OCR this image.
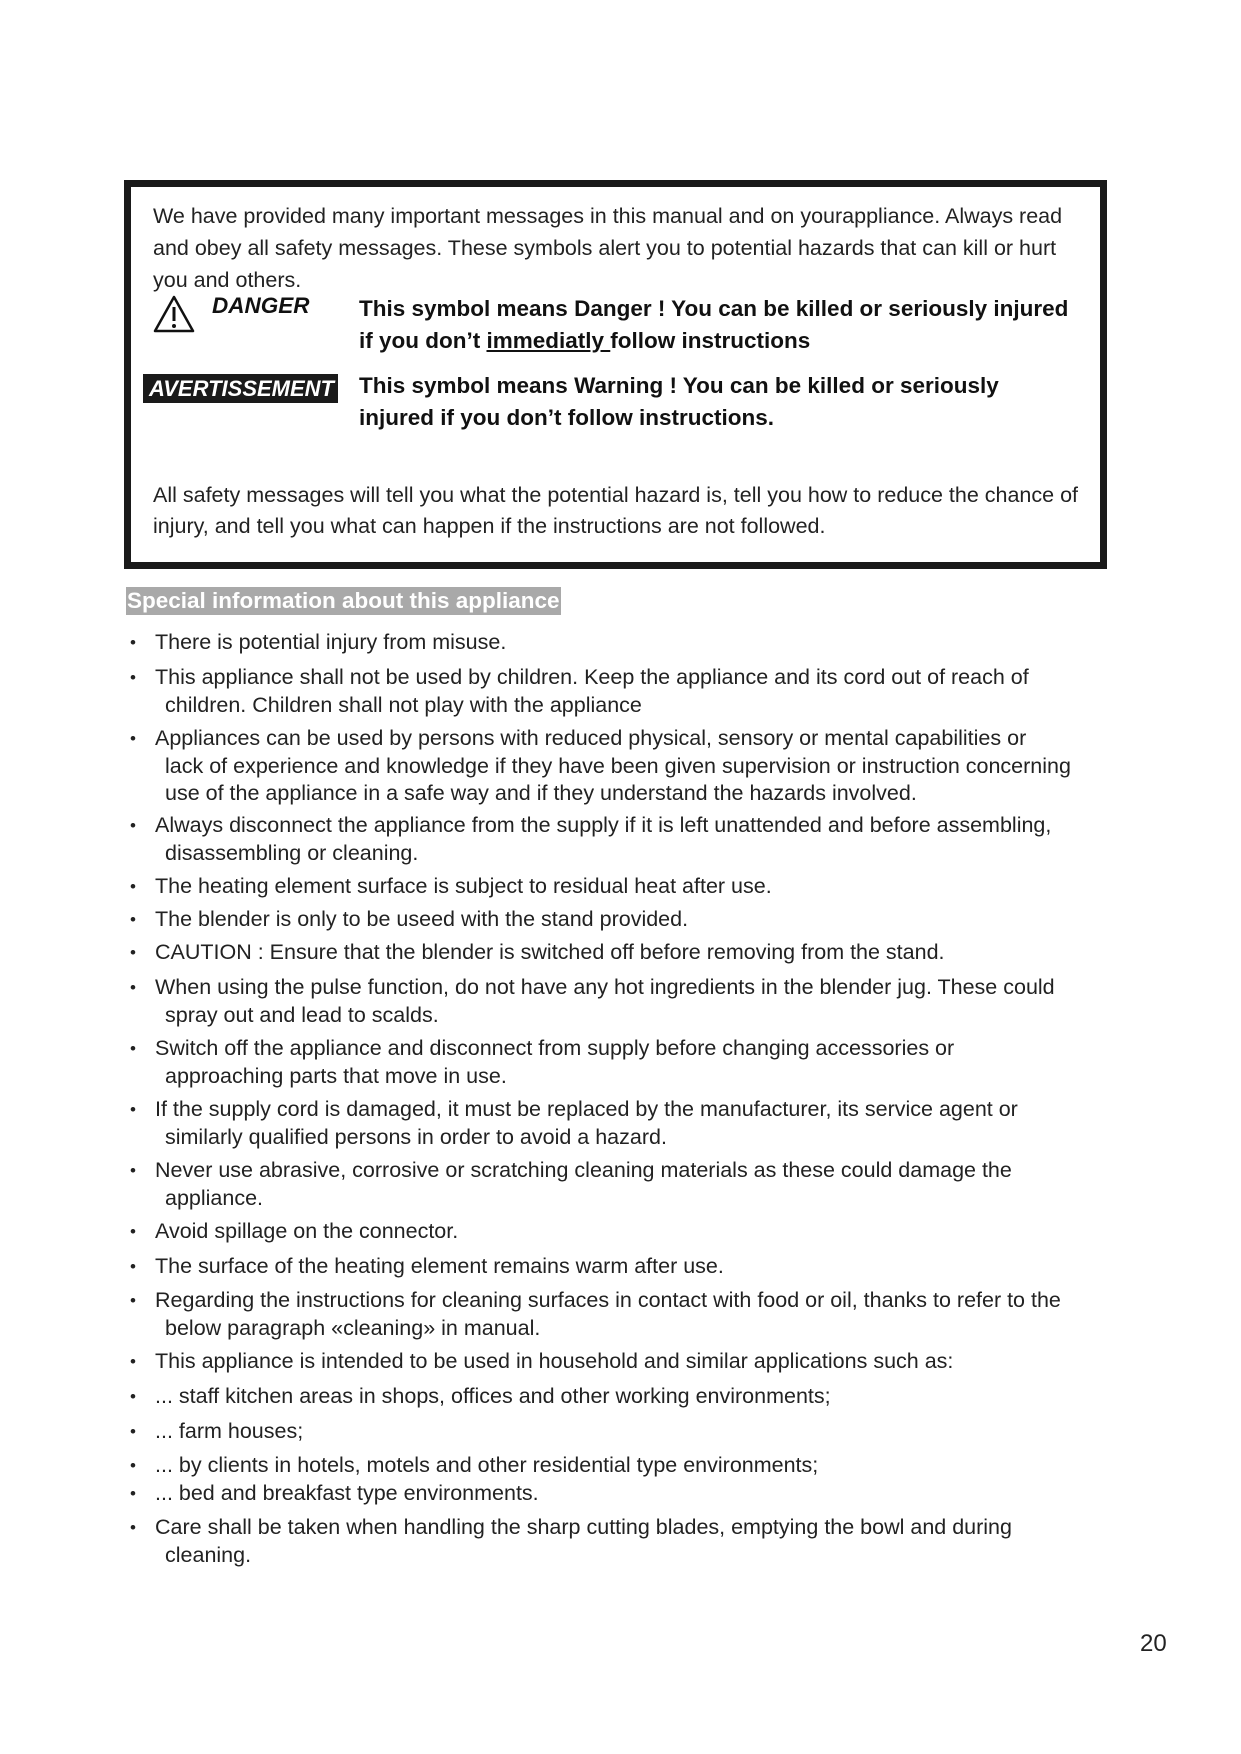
We have provided many important messages in this manual and on yourappliance. Always read and obey all safety messages. These symbols alert you to potential hazards that can kill or hurt you and others.
DANGER This symbol means Danger ! You can be killed or seriously injured if you don’t immediatly follow instructions
AVERTISSEMENT This symbol means Warning ! You can be killed or seriously injured if you don’t follow instructions.
All safety messages will tell you what the potential hazard is, tell you how to reduce the chance of injury, and tell you what can happen if the instructions are not followed.
Special information about this appliance
• There is potential injury from misuse.
• This appliance shall not be used by children. Keep the appliance and its cord out of reach of
children. Children shall not play with the appliance
• Appliances can be used by persons with reduced physical, sensory or mental capabilities or
lack of experience and knowledge if they have been given supervision or instruction concerning
use of the appliance in a safe way and if they understand the hazards involved.
• Always disconnect the appliance from the supply if it is left unattended and before assembling,
disassembling or cleaning.
• The heating element surface is subject to residual heat after use.
• The blender is only to be useed with the stand provided.
• CAUTION : Ensure that the blender is switched off before removing from the stand.
• When using the pulse function, do not have any hot ingredients in the blender jug. These could
spray out and lead to scalds.
• Switch off the appliance and disconnect from supply before changing accessories or
approaching parts that move in use.
• If the supply cord is damaged, it must be replaced by the manufacturer, its service agent or
similarly qualified persons in order to avoid a hazard.
• Never use abrasive, corrosive or scratching cleaning materials as these could damage the
appliance.
• Avoid spillage on the connector.
• The surface of the heating element remains warm after use.
• Regarding the instructions for cleaning surfaces in contact with food or oil, thanks to refer to the
below paragraph «cleaning» in manual.
• This appliance is intended to be used in household and similar applications such as:
• ... staff kitchen areas in shops, offices and other working environments;
• ... farm houses;
• ... by clients in hotels, motels and other residential type environments;
• ... bed and breakfast type environments.
• Care shall be taken when handling the sharp cutting blades, emptying the bowl and during
cleaning.
20
